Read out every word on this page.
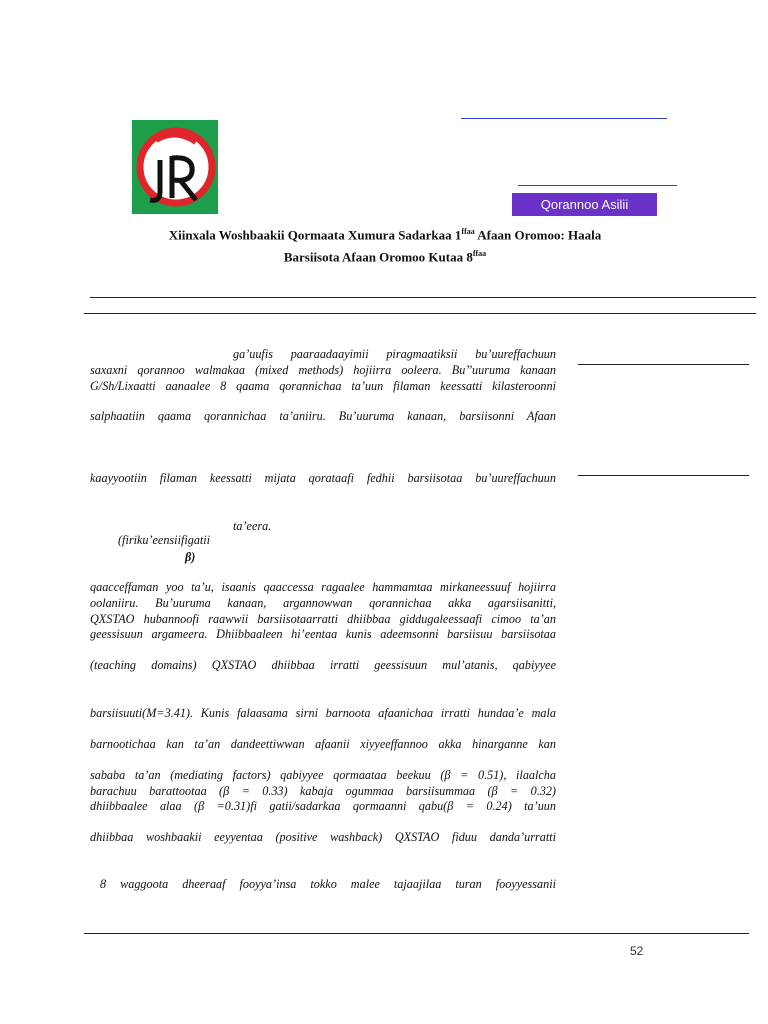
Qorannoo Asilii
Xiinxala Woshbaakii Qormaata Xumura Sadarkaa $1^{ffaa}$ Afaan Oromoo: Haala
Barsiisota Afaan Oromoo Kutaa $8^{ffaa}$
ga’uufis paaraadaayimii piragmaatiksii bu’uureffachuun
saxaxni qorannoo walmakaa (mixed methods) hojiirra ooleera. Bu’’uuruma kanaan
G/Sh/Lixaatti aanaalee 8 qaama qorannichaa ta’uun filaman keessatti kilasteroonni
salphaatiin qaama qorannichaa ta’aniiru. Bu’uuruma kanaan, barsiisonni Afaan
kaayyootiin filaman keessatti mijata qorataafi fedhii barsiisotaa bu’uureffachuun
ta’eera.
(firiku’eensiifigatii
β)
qaacceffaman yoo ta’u, isaanis qaaccessa ragaalee hammamtaa mirkaneessuuf hojiirra
oolaniiru. Bu’uuruma kanaan, argannowwan qorannichaa akka agarsiisanitti,
QXSTAO hubannoofi raawwii barsiisotaarratti dhiibbaa giddugaleessaafi cimoo ta’an
geessisuun argameera. Dhiibbaaleen hi’eentaa kunis adeemsonni barsiisuu barsiisotaa
(teaching domains) QXSTAO dhiibbaa irratti geessisuun mul’atanis, qabiyyee
barsiisuuti(M=3.41). Kunis falaasama sirni barnoota afaanichaa irratti hundaa’e mala
barnootichaa kan ta’an dandeettiwwan afaanii xiyyeeffannoo akka hinarganne kan
sababa ta’an (mediating factors) qabiyyee qormaataa beekuu (β = 0.51), ilaalcha
barachuu barattootaa (β = 0.33) kabaja ogummaa barsiisummaa (β = 0.32)
dhiibbaalee alaa (β =0.31)fi gatii/sadarkaa qormaanni qabu(β = 0.24) ta’uun
dhiibbaa woshbaakii eeyyentaa (positive washback) QXSTAO fiduu danda’urratti
8 waggoota dheeraaf fooyya’insa tokko malee tajaajilaa turan fooyyessanii
52
